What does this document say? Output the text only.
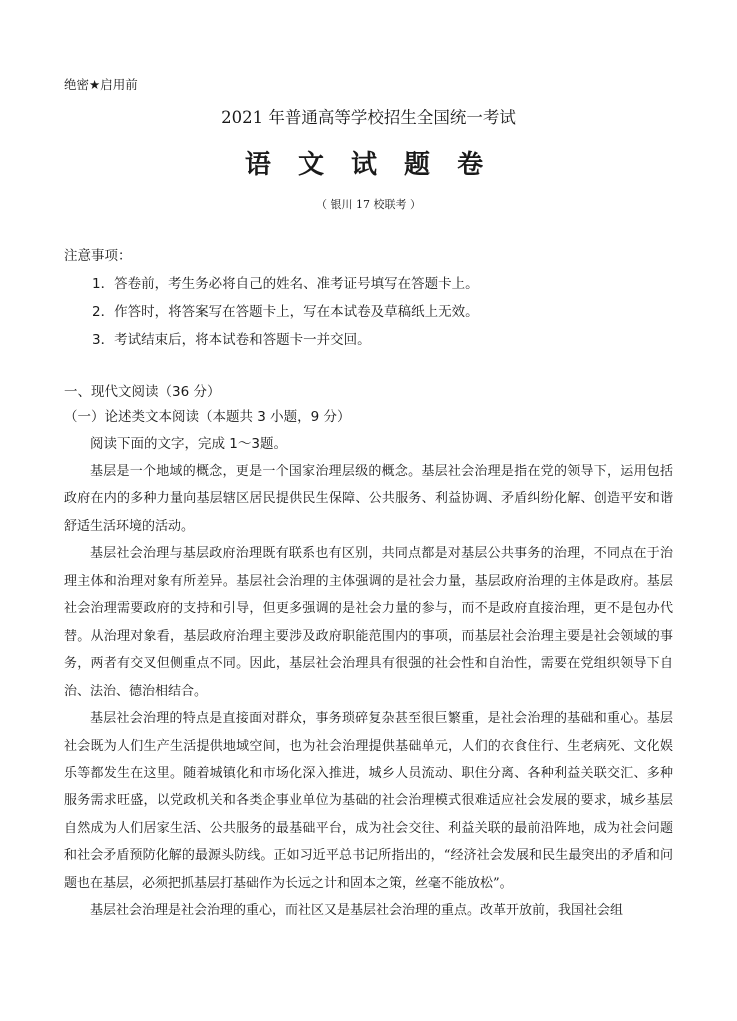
绝密★启用前
2021 年普通高等学校招生全国统一考试
语 文 试 题 卷
（ 银川 17 校联考 ）
注意事项：
1．答卷前，考生务必将自己的姓名、准考证号填写在答题卡上。
2．作答时，将答案写在答题卡上，写在本试卷及草稿纸上无效。
3．考试结束后，将本试卷和答题卡一并交回。
一、现代文阅读（36 分）
（一）论述类文本阅读（本题共 3 小题，9 分）
阅读下面的文字，完成 1～3题。

基层是一个地域的概念，更是一个国家治理层级的概念。基层社会治理是指在党的领导下，运用包括政府在内的多种力量向基层辖区居民提供民生保障、公共服务、利益协调、矛盾纠纷化解、创造平安和谐舒适生活环境的活动。

基层社会治理与基层政府治理既有联系也有区别，共同点都是对基层公共事务的治理，不同点在于治理主体和治理对象有所差异。基层社会治理的主体强调的是社会力量，基层政府治理的主体是政府。基层社会治理需要政府的支持和引导，但更多强调的是社会力量的参与，而不是政府直接治理，更不是包办代替。从治理对象看，基层政府治理主要涉及政府职能范围内的事项，而基层社会治理主要是社会领域的事务，两者有交叉但侧重点不同。因此，基层社会治理具有很强的社会性和自治性，需要在党组织领导下自治、法治、德治相结合。

基层社会治理的特点是直接面对群众，事务琐碎复杂甚至很巨繁重，是社会治理的基础和重心。基层社会既为人们生产生活提供地域空间，也为社会治理提供基础单元，人们的衣食住行、生老病死、文化娱乐等都发生在这里。随着城镇化和市场化深入推进，城乡人员流动、职住分离、各种利益关联交汇、多种服务需求旺盛，以党政机关和各类企事业单位为基础的社会治理模式很难适应社会发展的要求，城乡基层自然成为人们居家生活、公共服务的最基础平台，成为社会交往、利益关联的最前沿阵地，成为社会问题和社会矛盾预防化解的最源头防线。正如习近平总书记所指出的，“经济社会发展和民生最突出的矛盾和问题也在基层，必须把抓基层打基础作为长远之计和固本之策，丝毫不能放松”。

基层社会治理是社会治理的重心，而社区又是基层社会治理的重点。改革开放前，我国社会组
